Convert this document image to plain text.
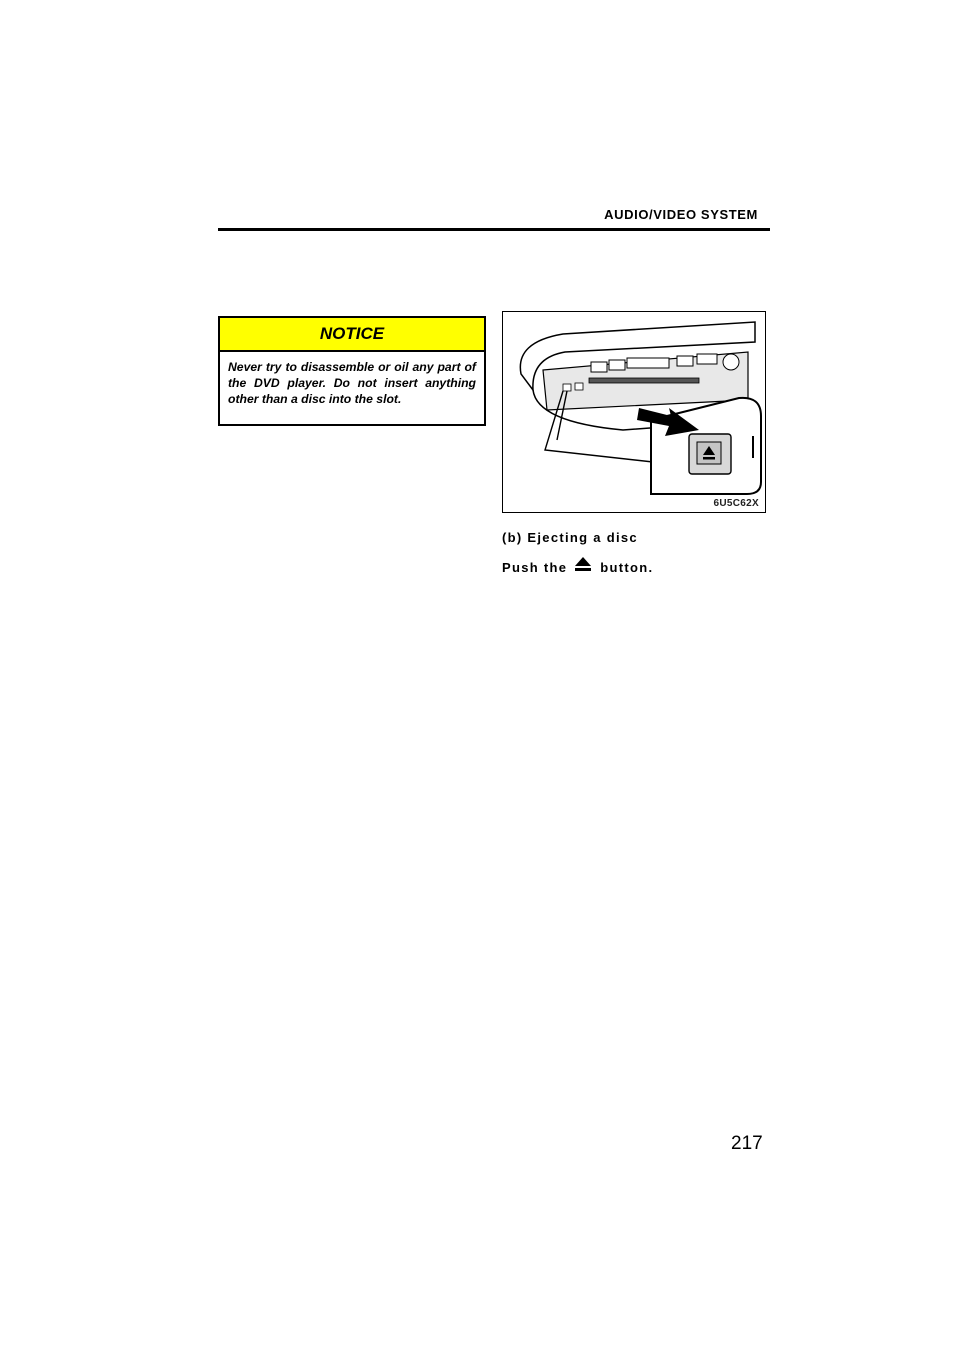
AUDIO/VIDEO SYSTEM
NOTICE
Never try to disassemble or oil any part of the DVD player. Do not insert anything other than a disc into the slot.
6U5C62X
(b) Ejecting a disc
Push the	button.
217
